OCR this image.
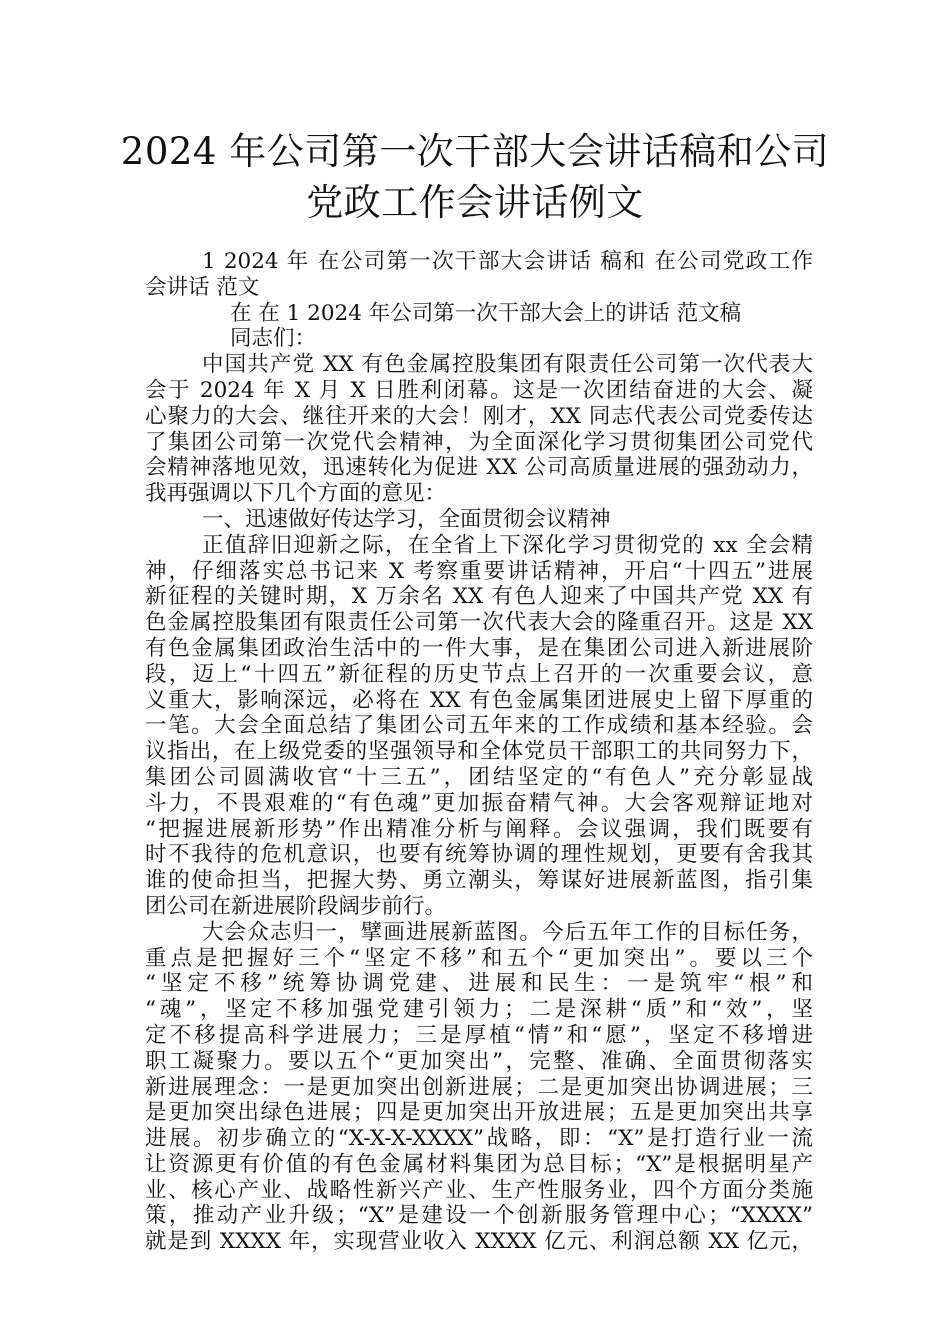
2024 年公司第一次干部大会讲话稿和公司
党政工作会讲话例文
1 2024 年 在公司第一次干部大会讲话 稿和 在公司党政工作
会讲话 范文
在 在 1 2024 年公司第一次干部大会上的讲话 范文稿
同志们：
中国共产党 XX 有色金属控股集团有限责任公司第一次代表大
会于 2024 年 X 月 X 日胜利闭幕。这是一次团结奋进的大会、凝
心聚力的大会、继往开来的大会！刚才，XX 同志代表公司党委传达
了集团公司第一次党代会精神，为全面深化学习贯彻集团公司党代
会精神落地见效，迅速转化为促进 XX 公司高质量进展的强劲动力，
我再强调以下几个方面的意见：
一、迅速做好传达学习，全面贯彻会议精神
正值辞旧迎新之际，在全省上下深化学习贯彻党的 xx 全会精
神，仔细落实总书记来 X 考察重要讲话精神，开启“十四五”进展
新征程的关键时期，X 万余名 XX 有色人迎来了中国共产党 XX 有
色金属控股集团有限责任公司第一次代表大会的隆重召开。这是 XX
有色金属集团政治生活中的一件大事，是在集团公司进入新进展阶
段，迈上“十四五”新征程的历史节点上召开的一次重要会议，意
义重大，影响深远，必将在 XX 有色金属集团进展史上留下厚重的
一笔。大会全面总结了集团公司五年来的工作成绩和基本经验。会
议指出，在上级党委的坚强领导和全体党员干部职工的共同努力下，
集团公司圆满收官“十三五”，团结坚定的“有色人”充分彰显战
斗力，不畏艰难的“有色魂”更加振奋精气神。大会客观辩证地对
“把握进展新形势”作出精准分析与阐释。会议强调，我们既要有
时不我待的危机意识，也要有统筹协调的理性规划，更要有舍我其
谁的使命担当，把握大势、勇立潮头，筹谋好进展新蓝图，指引集
团公司在新进展阶段阔步前行。
大会众志归一，擘画进展新蓝图。今后五年工作的目标任务，
重点是把握好三个“坚定不移”和五个“更加突出”。要以三个
“坚定不移”统筹协调党建、进展和民生：一是筑牢“根”和
“魂”，坚定不移加强党建引领力；二是深耕“质”和“效”，坚
定不移提高科学进展力；三是厚植“情”和“愿”，坚定不移增进
职工凝聚力。要以五个“更加突出”，完整、准确、全面贯彻落实
新进展理念：一是更加突出创新进展；二是更加突出协调进展；三
是更加突出绿色进展；四是更加突出开放进展；五是更加突出共享
进展。初步确立的“X-X-X-XXXX”战略，即：“X”是打造行业一流
让资源更有价值的有色金属材料集团为总目标；“X”是根据明星产
业、核心产业、战略性新兴产业、生产性服务业，四个方面分类施
策，推动产业升级；“X”是建设一个创新服务管理中心；“XXXX”
就是到 XXXX 年，实现营业收入 XXXX 亿元、利润总额 XX 亿元，
